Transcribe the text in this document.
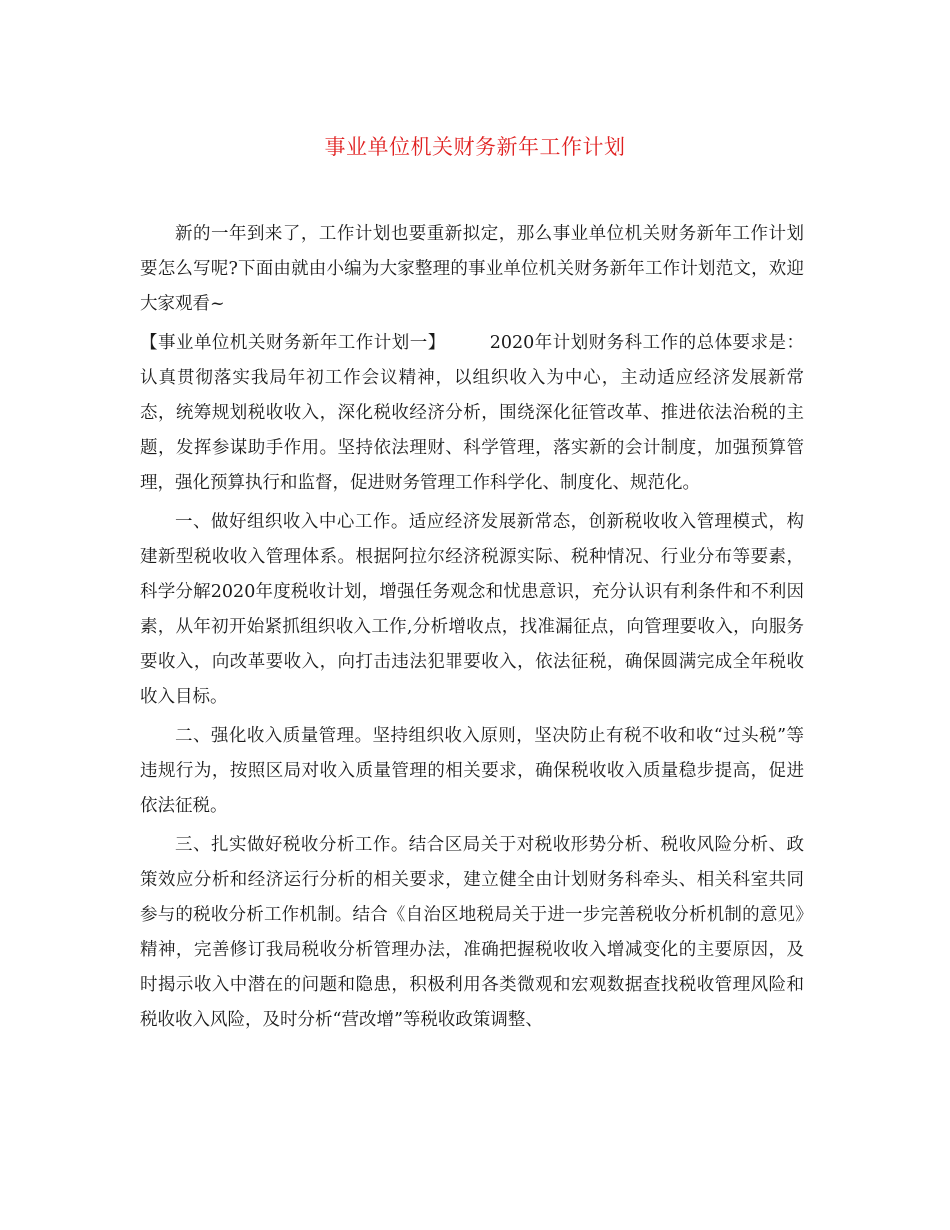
事业单位机关财务新年工作计划

新的一年到来了，工作计划也要重新拟定，那么事业单位机关财务新年工作计划要怎么写呢?下面由就由小编为大家整理的事业单位机关财务新年工作计划范文，欢迎大家观看~

【事业单位机关财务新年工作计划一】	2020年计划财务科工作的总体要求是：认真贯彻落实我局年初工作会议精神，以组织收入为中心，主动适应经济发展新常态，统筹规划税收收入，深化税收经济分析，围绕深化征管改革、推进依法治税的主题，发挥参谋助手作用。坚持依法理财、科学管理，落实新的会计制度，加强预算管理，强化预算执行和监督，促进财务管理工作科学化、制度化、规范化。

一、做好组织收入中心工作。适应经济发展新常态，创新税收收入管理模式，构建新型税收收入管理体系。根据阿拉尔经济税源实际、税种情况、行业分布等要素，科学分解2020年度税收计划，增强任务观念和忧患意识，充分认识有利条件和不利因素，从年初开始紧抓组织收入工作,分析增收点，找准漏征点，向管理要收入，向服务要收入，向改革要收入，向打击违法犯罪要收入，依法征税，确保圆满完成全年税收收入目标。

二、强化收入质量管理。坚持组织收入原则，坚决防止有税不收和收“过头税”等违规行为，按照区局对收入质量管理的相关要求，确保税收收入质量稳步提高，促进依法征税。

三、扎实做好税收分析工作。结合区局关于对税收形势分析、税收风险分析、政策效应分析和经济运行分析的相关要求，建立健全由计划财务科牵头、相关科室共同参与的税收分析工作机制。结合《自治区地税局关于进一步完善税收分析机制的意见》精神，完善修订我局税收分析管理办法，准确把握税收收入增减变化的主要原因，及时揭示收入中潜在的问题和隐患，积极利用各类微观和宏观数据查找税收管理风险和税收收入风险，及时分析“营改增”等税收政策调整、
